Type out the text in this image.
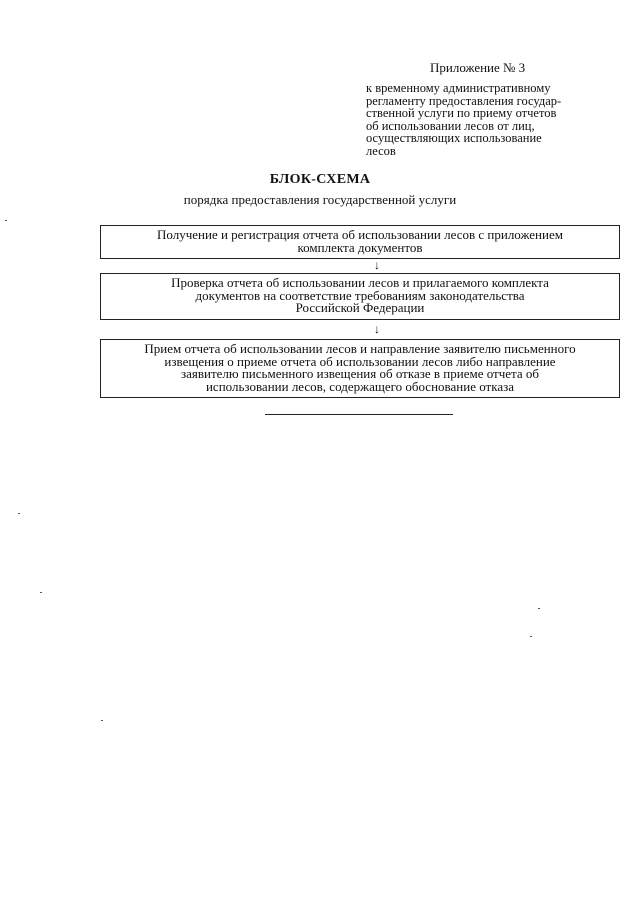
Приложение № 3
к временному административному
регламенту предоставления государ-
ственной услуги по приему отчетов
об использовании лесов от лиц,
осуществляющих использование
лесов
БЛОК-СХЕМА
порядка предоставления государственной услуги
Получение и регистрация отчета об использовании лесов с приложением
комплекта документов
↓
Проверка отчета об использовании лесов и прилагаемого комплекта
документов на соответствие требованиям законодательства
Российской Федерации
↓
Прием отчета об использовании лесов и направление заявителю письменного
извещения о приеме отчета об использовании лесов либо направление
заявителю письменного извещения об отказе в приеме отчета об
использовании лесов, содержащего обоснование отказа
